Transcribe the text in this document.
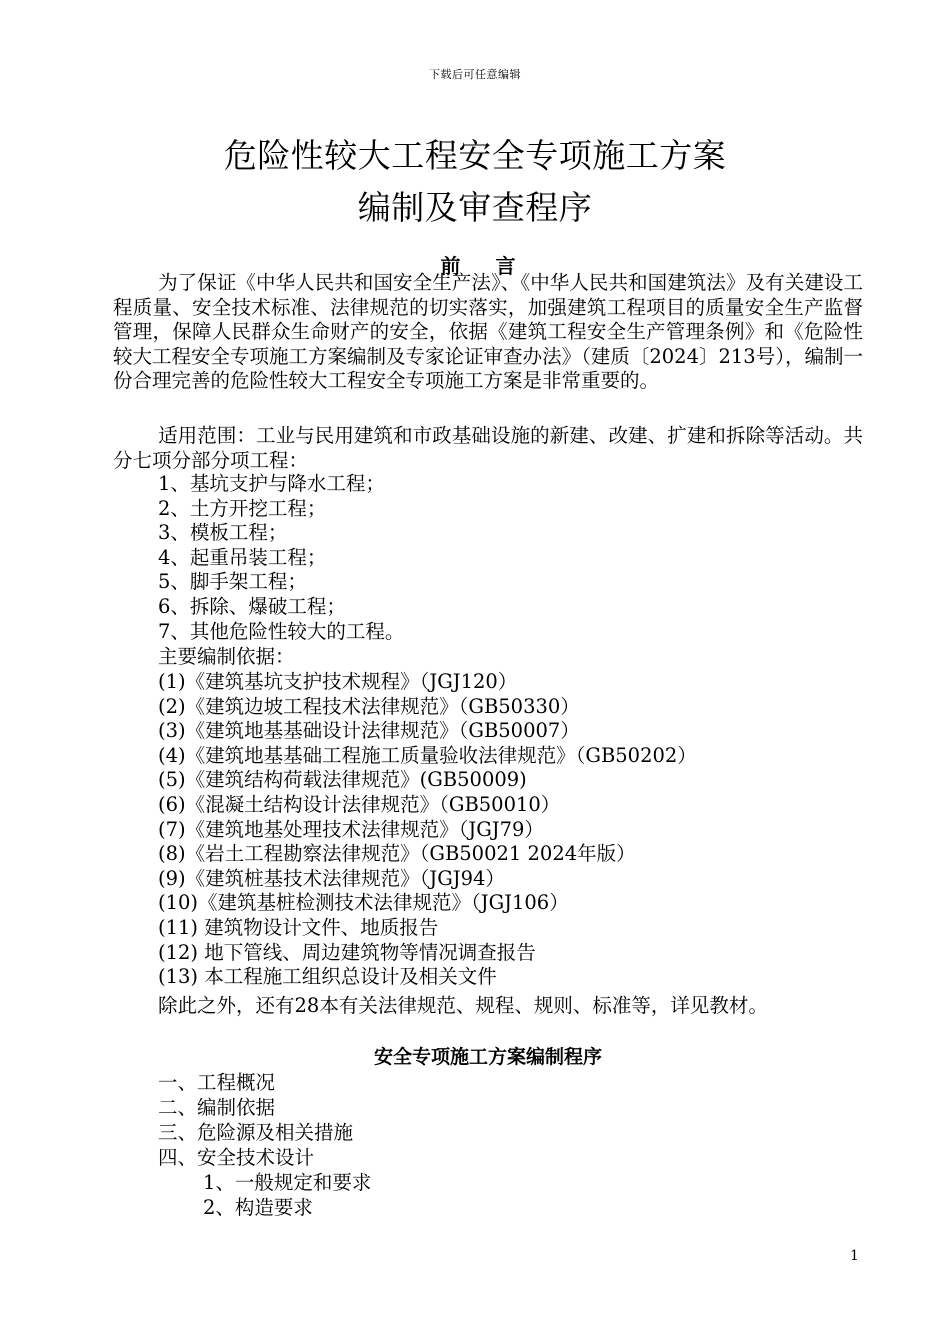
下载后可任意编辑
危险性较大工程安全专项施工方案
编制及审查程序
前 言
为了保证《中华人民共和国安全生产法》、《中华人民共和国建筑法》及有关建设工程质量、安全技术标准、法律规范的切实落实，加强建筑工程项目的质量安全生产监督管理，保障人民群众生命财产的安全，依据《建筑工程安全生产管理条例》和《危险性较大工程安全专项施工方案编制及专家论证审查办法》（建质〔2024〕213号），编制一份合理完善的危险性较大工程安全专项施工方案是非常重要的。
适用范围：工业与民用建筑和市政基础设施的新建、改建、扩建和拆除等活动。共分七项分部分项工程：
1、基坑支护与降水工程；
2、土方开挖工程；
3、模板工程；
4、起重吊装工程；
5、脚手架工程；
6、拆除、爆破工程；
7、其他危险性较大的工程。
主要编制依据：
(1)《建筑基坑支护技术规程》（JGJ120）
(2)《建筑边坡工程技术法律规范》（GB50330）
(3)《建筑地基基础设计法律规范》（GB50007）
(4)《建筑地基基础工程施工质量验收法律规范》（GB50202）
(5)《建筑结构荷载法律规范》(GB50009)
(6)《混凝土结构设计法律规范》（GB50010）
(7)《建筑地基处理技术法律规范》（JGJ79）
(8)《岩土工程勘察法律规范》（GB50021 2024年版）
(9)《建筑桩基技术法律规范》（JGJ94）
(10)《建筑基桩检测技术法律规范》（JGJ106）
(11) 建筑物设计文件、地质报告
(12) 地下管线、周边建筑物等情况调查报告
(13) 本工程施工组织总设计及相关文件
除此之外，还有28本有关法律规范、规程、规则、标准等，详见教材。
安全专项施工方案编制程序
一、工程概况
二、编制依据
三、危险源及相关措施
四、安全技术设计
1、一般规定和要求
2、构造要求
1
